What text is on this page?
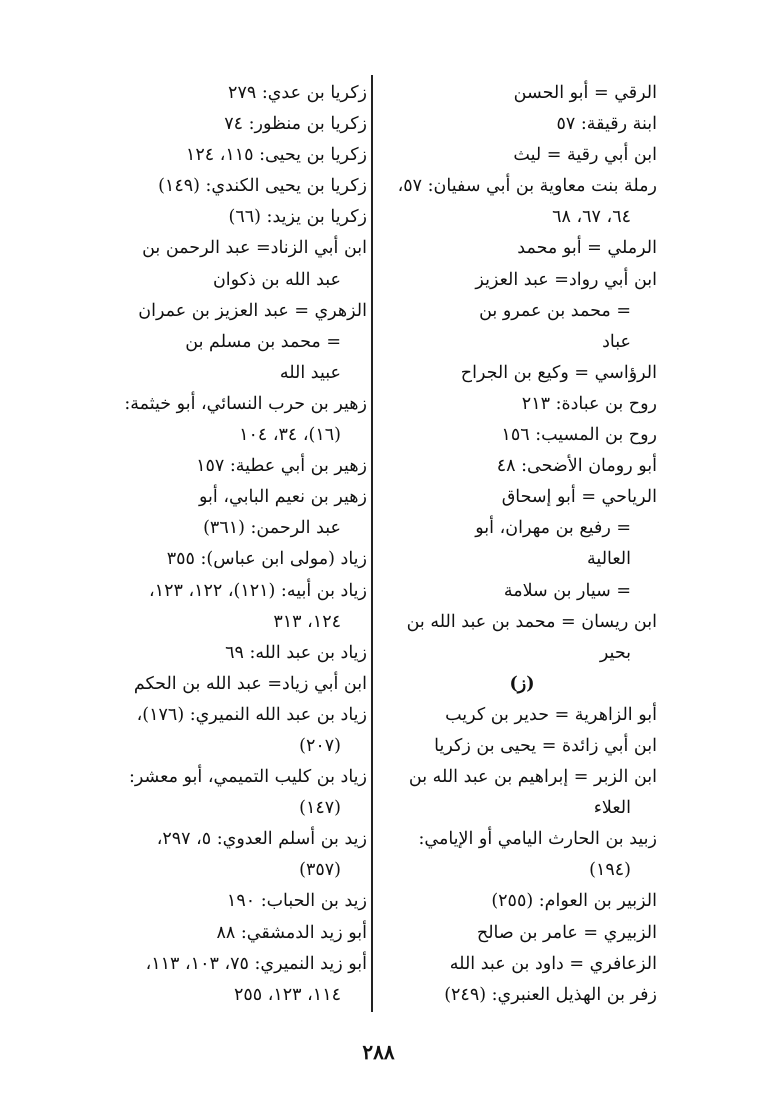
الرقي = أبو الحسن
ابنة رقيقة: ٥٧
ابن أبي رقية = ليث
رملة بنت معاوية بن أبي سفيان: ٥٧،
٦٤، ٦٧، ٦٨
الرملي = أبو محمد
ابن أبي رواد= عبد العزيز
= محمد بن عمرو بن
عباد
الرؤاسي = وكيع بن الجراح
روح بن عبادة: ٢١٣
روح بن المسيب: ١٥٦
أبو رومان الأضحى: ٤٨
الرياحي = أبو إسحاق
= رفيع بن مهران، أبو
العالية
= سيار بن سلامة
ابن ريسان = محمد بن عبد الله بن
بحير
(ز)
أبو الزاهرية = حدير بن كريب
ابن أبي زائدة = يحيى بن زكريا
ابن الزبر = إبراهيم بن عبد الله بن
العلاء
زبيد بن الحارث اليامي أو الإيامي:
(١٩٤)
الزبير بن العوام: (٢٥٥)
الزبيري = عامر بن صالح
الزعافري = داود بن عبد الله
زفر بن الهذيل العنبري: (٢٤٩)
زكريا بن عدي: ٢٧٩
زكريا بن منظور: ٧٤
زكريا بن يحيى: ١١٥، ١٢٤
زكريا بن يحيى الكندي: (١٤٩)
زكريا بن يزيد: (٦٦)
ابن أبي الزناد= عبد الرحمن بن
عبد الله بن ذكوان
الزهري = عبد العزيز بن عمران
= محمد بن مسلم بن
عبيد الله
زهير بن حرب النسائي، أبو خيثمة:
(١٦)، ٣٤، ١٠٤
زهير بن أبي عطية: ١٥٧
زهير بن نعيم البابي، أبو
عبد الرحمن: (٣٦١)
زياد (مولى ابن عباس): ٣٥٥
زياد بن أبيه: (١٢١)، ١٢٢، ١٢٣،
١٢٤، ٣١٣
زياد بن عبد الله: ٦٩
ابن أبي زياد= عبد الله بن الحكم
زياد بن عبد الله النميري: (١٧٦)،
(٢٠٧)
زياد بن كليب التميمي، أبو معشر:
(١٤٧)
زيد بن أسلم العدوي: ٥، ٢٩٧،
(٣٥٧)
زيد بن الحباب: ١٩٠
أبو زيد الدمشقي: ٨٨
أبو زيد النميري: ٧٥، ١٠٣، ١١٣،
١١٤، ١٢٣، ٢٥٥
٢٨٨
